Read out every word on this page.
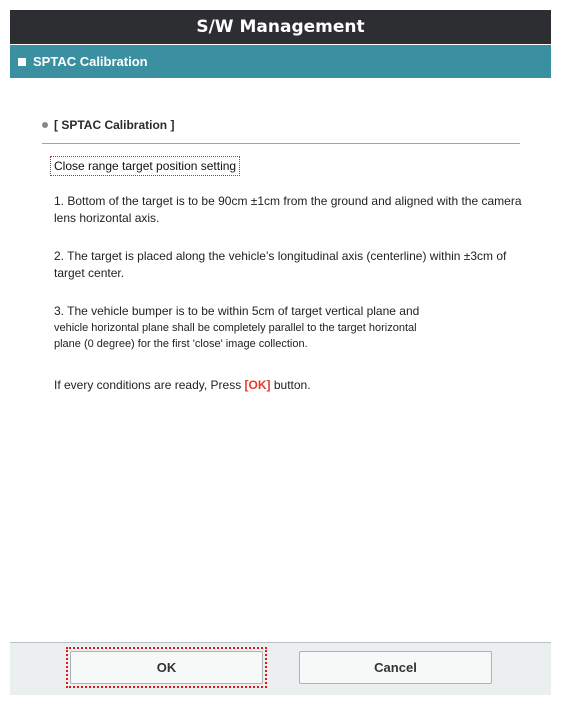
S/W Management
SPTAC Calibration
[ SPTAC Calibration ]
Close range target position setting
1. Bottom of the target is to be 90cm ±1cm from the ground and aligned with the camera lens horizontal axis.
2. The target is placed along the vehicle’s longitudinal axis (centerline) within ±3cm of target center.
3. The vehicle bumper is to be within 5cm of target vertical plane and
vehicle horizontal plane shall be completely parallel to the target horizontal
plane (0 degree) for the first 'close' image collection.
If every conditions are ready, Press [OK] button.
OK	Cancel
